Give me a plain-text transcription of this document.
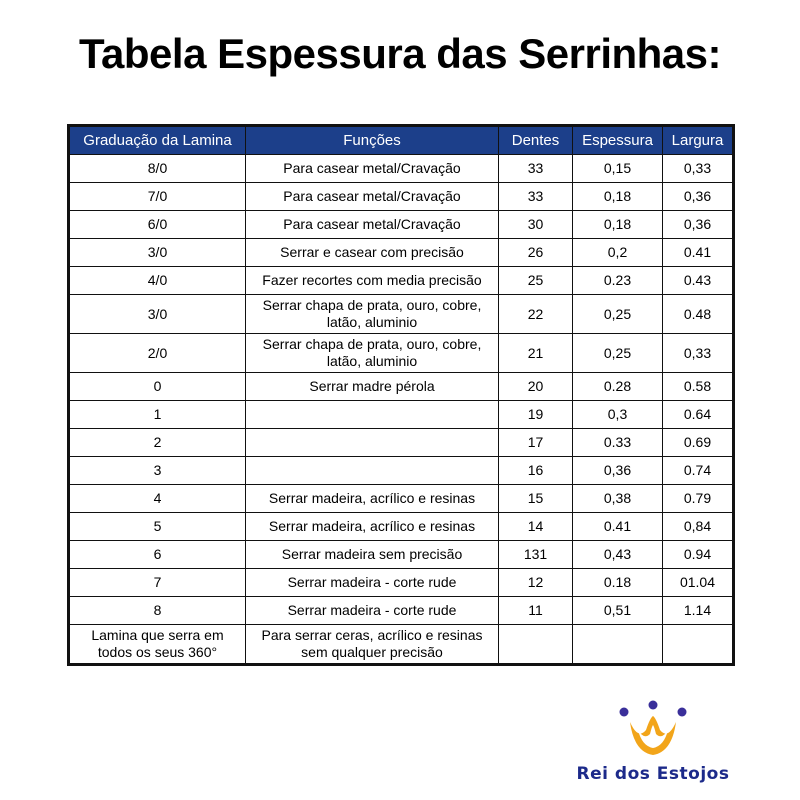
Tabela Espessura das Serrinhas:
Graduação da Lamina	Funções	Dentes	Espessura	Largura
8/0	Para casear metal/Cravação	33	0,15	0,33
7/0	Para casear metal/Cravação	33	0,18	0,36
6/0	Para casear metal/Cravação	30	0,18	0,36
3/0	Serrar e casear com precisão	26	0,2	0.41
4/0	Fazer recortes com media precisão	25	0.23	0.43
3/0	Serrar chapa de prata, ouro, cobre, latão, aluminio	22	0,25	0.48
2/0	Serrar chapa de prata, ouro, cobre, latão, aluminio	21	0,25	0,33
0	Serrar madre pérola	20	0.28	0.58
1		19	0,3	0.64
2		17	0.33	0.69
3		16	0,36	0.74
4	Serrar madeira, acrílico e resinas	15	0,38	0.79
5	Serrar madeira, acrílico e resinas	14	0.41	0,84
6	Serrar madeira sem precisão	131	0,43	0.94
7	Serrar madeira - corte rude	12	0.18	01.04
8	Serrar madeira - corte rude	11	0,51	1.14
Lamina que serra em todos os seus 360°	Para serrar ceras, acrílico e resinas sem qualquer precisão			
Rei dos Estojos
